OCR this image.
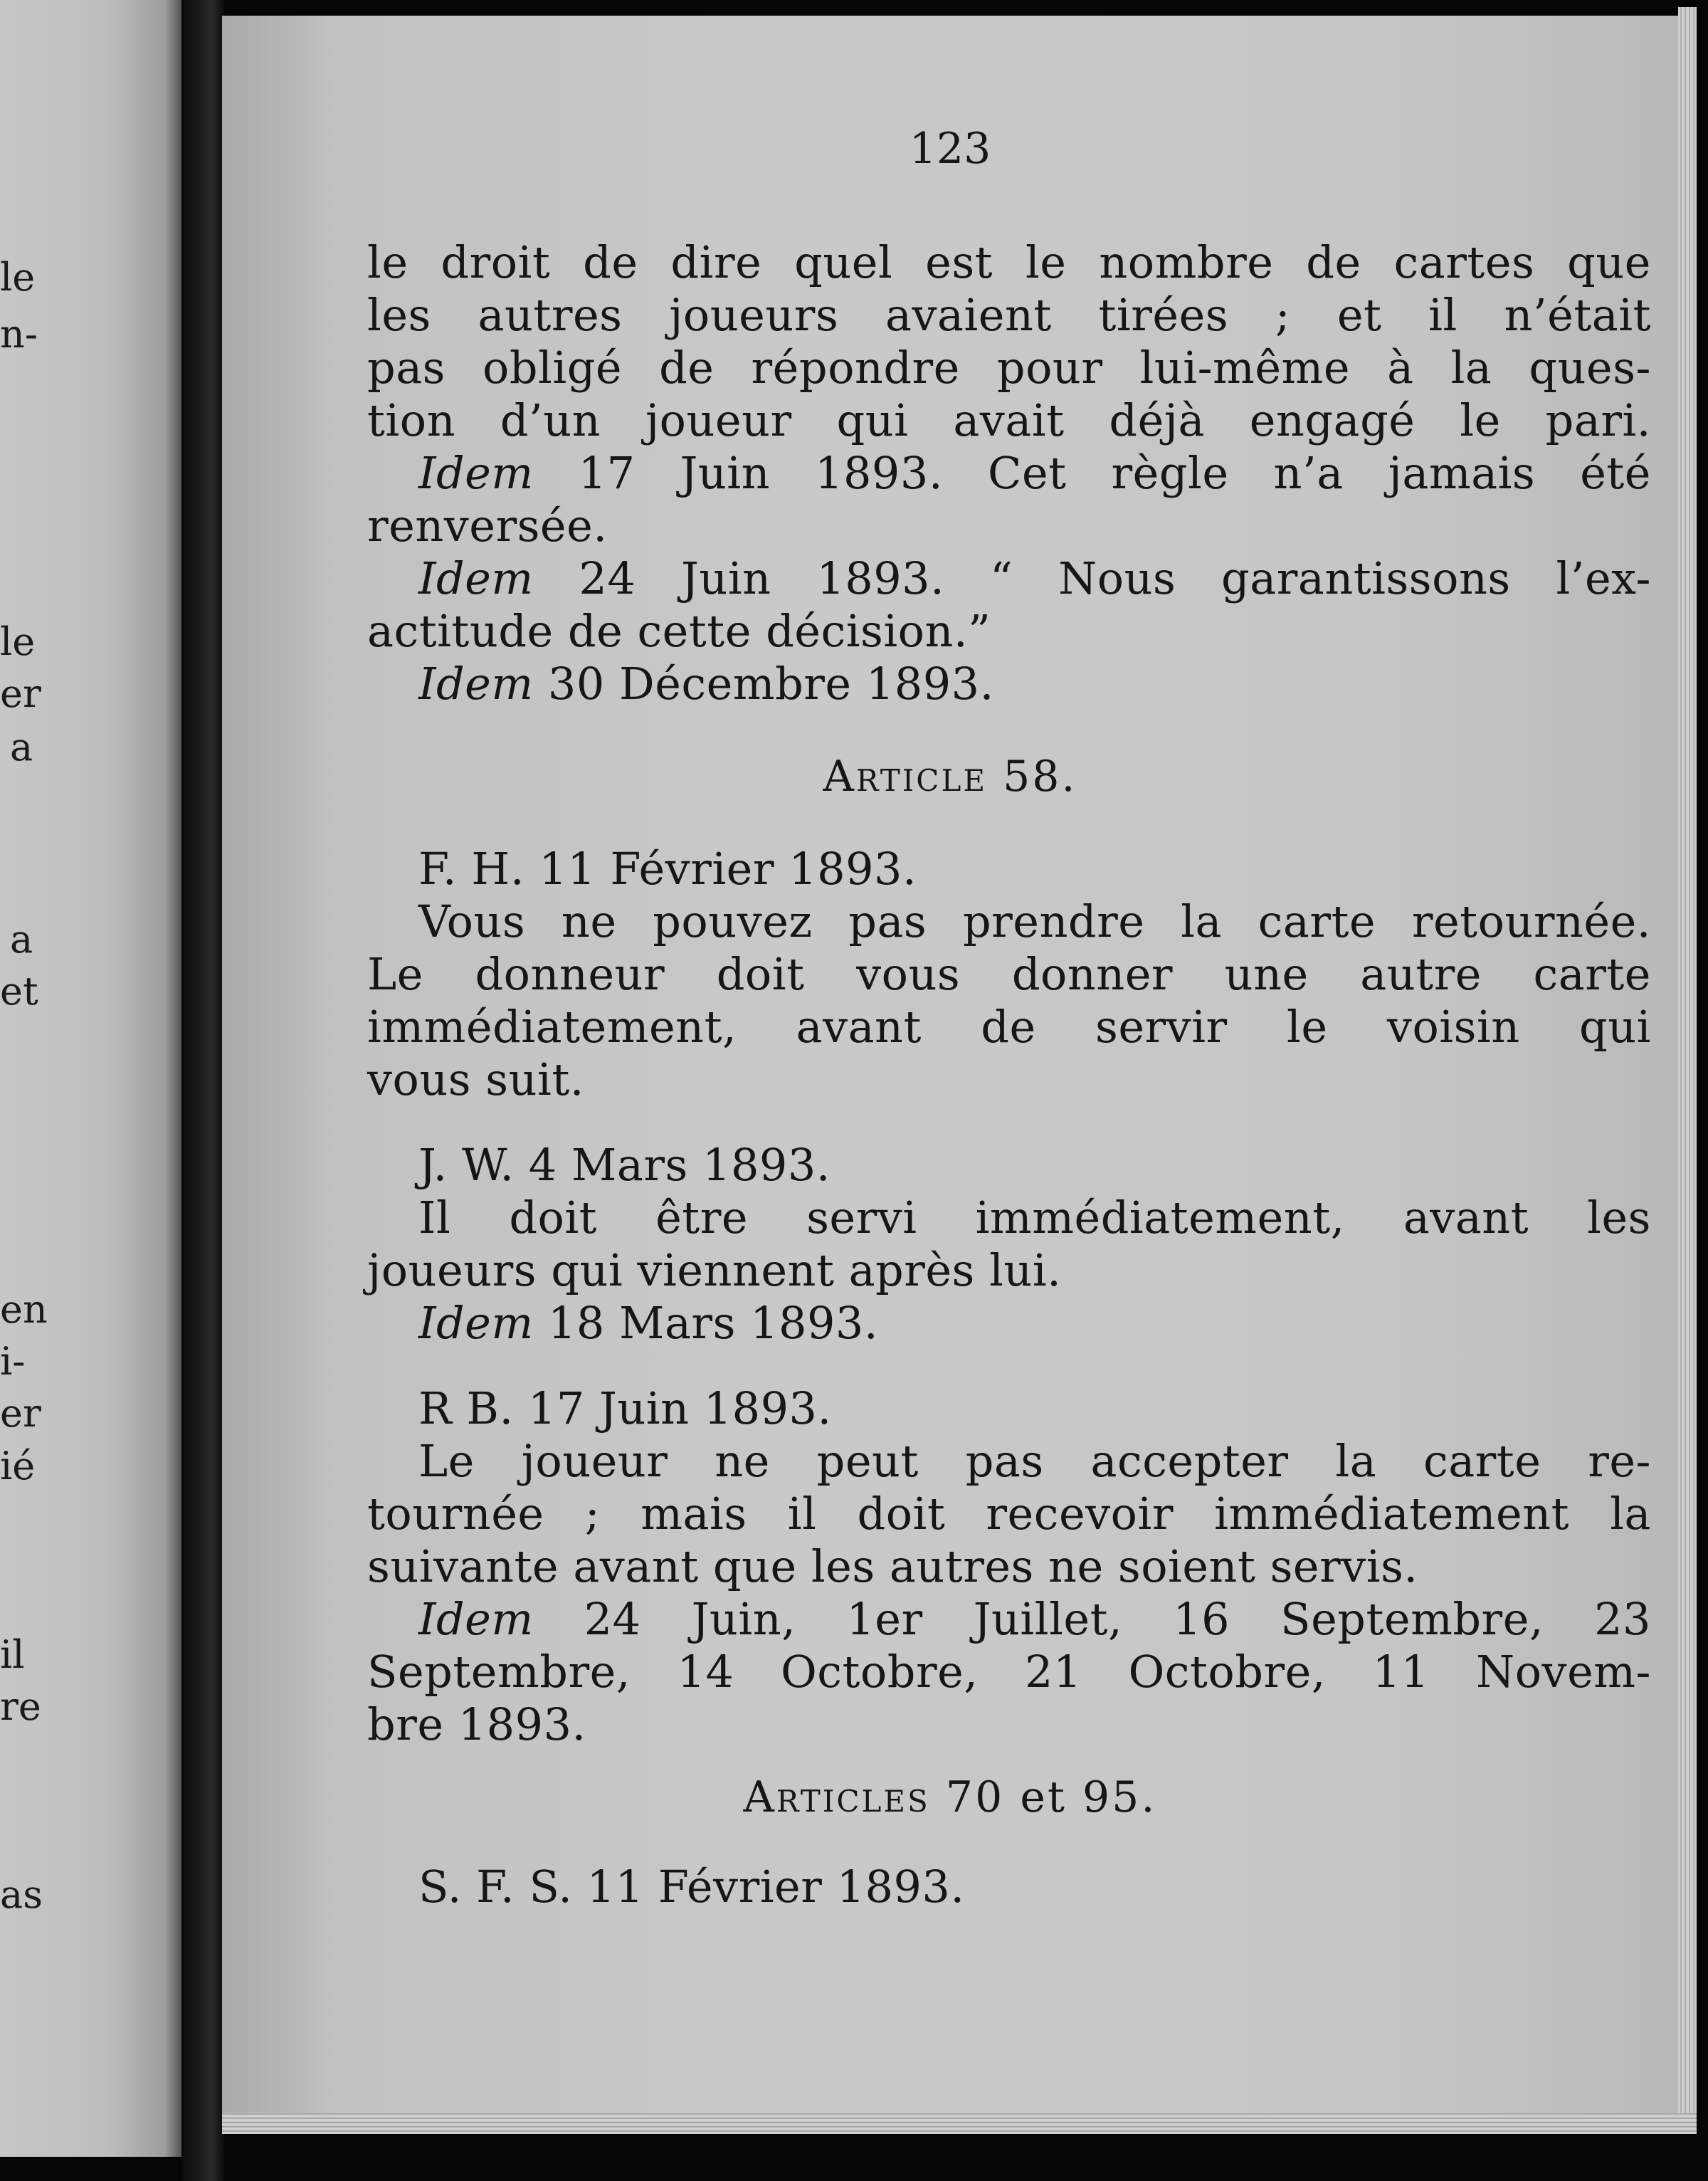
le
n-
le
er
a
a
et
en
i-
er
ié
il
re
as
123
le droit de dire quel est le nombre de cartes que
les autres joueurs avaient tirées ; et il n’était
pas obligé de répondre pour lui-même à la ques-
tion d’un joueur qui avait déjà engagé le pari.
Idem 17 Juin 1893. Cet règle n’a jamais été
renversée.
Idem 24 Juin 1893. “ Nous garantissons l’ex-
actitude de cette décision.”
Idem 30 Décembre 1893.
Article 58.
F. H. 11 Février 1893.
Vous ne pouvez pas prendre la carte retournée.
Le donneur doit vous donner une autre carte
immédiatement, avant de servir le voisin qui
vous suit.
J. W. 4 Mars 1893.
Il doit être servi immédiatement, avant les
joueurs qui viennent après lui.
Idem 18 Mars 1893.
R B. 17 Juin 1893.
Le joueur ne peut pas accepter la carte re-
tournée ; mais il doit recevoir immédiatement la
suivante avant que les autres ne soient servis.
Idem 24 Juin, 1er Juillet, 16 Septembre, 23
Septembre, 14 Octobre, 21 Octobre, 11 Novem-
bre 1893.
Articles 70 et 95.
S. F. S. 11 Février 1893.
